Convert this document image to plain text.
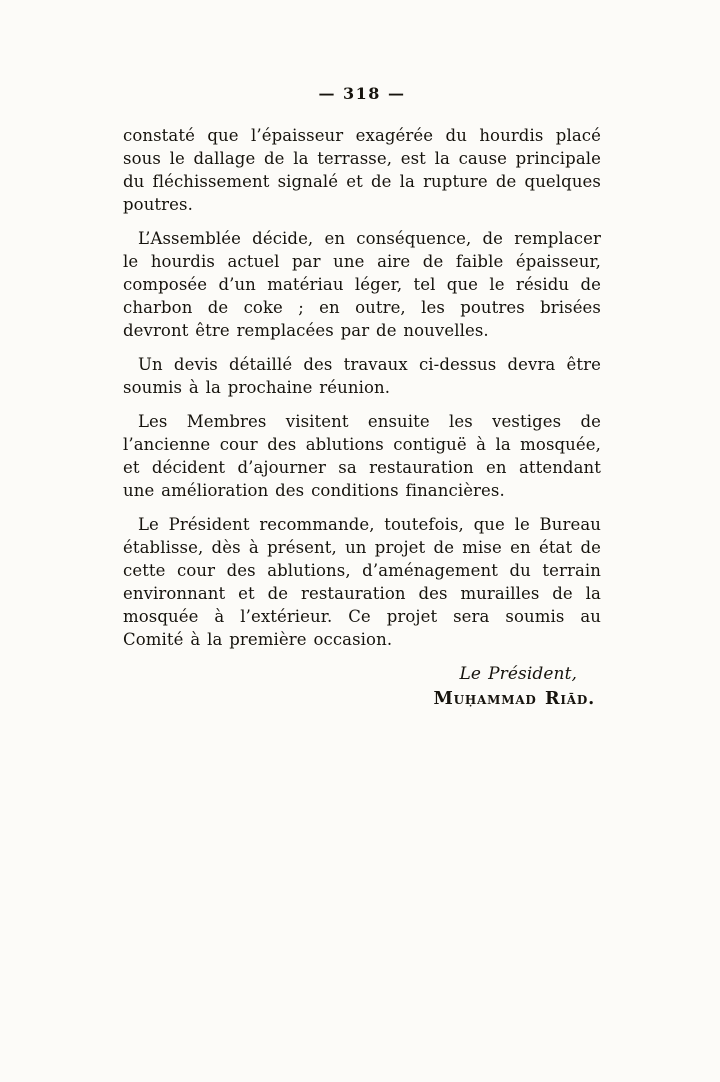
— 318 —

constaté que l’épaisseur exagérée du hourdis placé sous le dallage de la terrasse, est la cause principale du fléchissement signalé et de la rupture de quelques poutres.

L’Assemblée décide, en conséquence, de remplacer le hourdis actuel par une aire de faible épaisseur, composée d’un matériau léger, tel que le résidu de charbon de coke ; en outre, les poutres brisées devront être remplacées par de nouvelles.

Un devis détaillé des travaux ci-dessus devra être soumis à la prochaine réunion.

Les Membres visitent ensuite les vestiges de l’ancienne cour des ablutions contiguë à la mosquée, et décident d’ajourner sa restauration en attendant une amélioration des conditions financières.

Le Président recommande, toutefois, que le Bureau établisse, dès à présent, un projet de mise en état de cette cour des ablutions, d’aménagement du terrain environnant et de restauration des murailles de la mosquée à l’extérieur. Ce projet sera soumis au Comité à la première occasion.

Le Président,
Muḥammad Riād.
